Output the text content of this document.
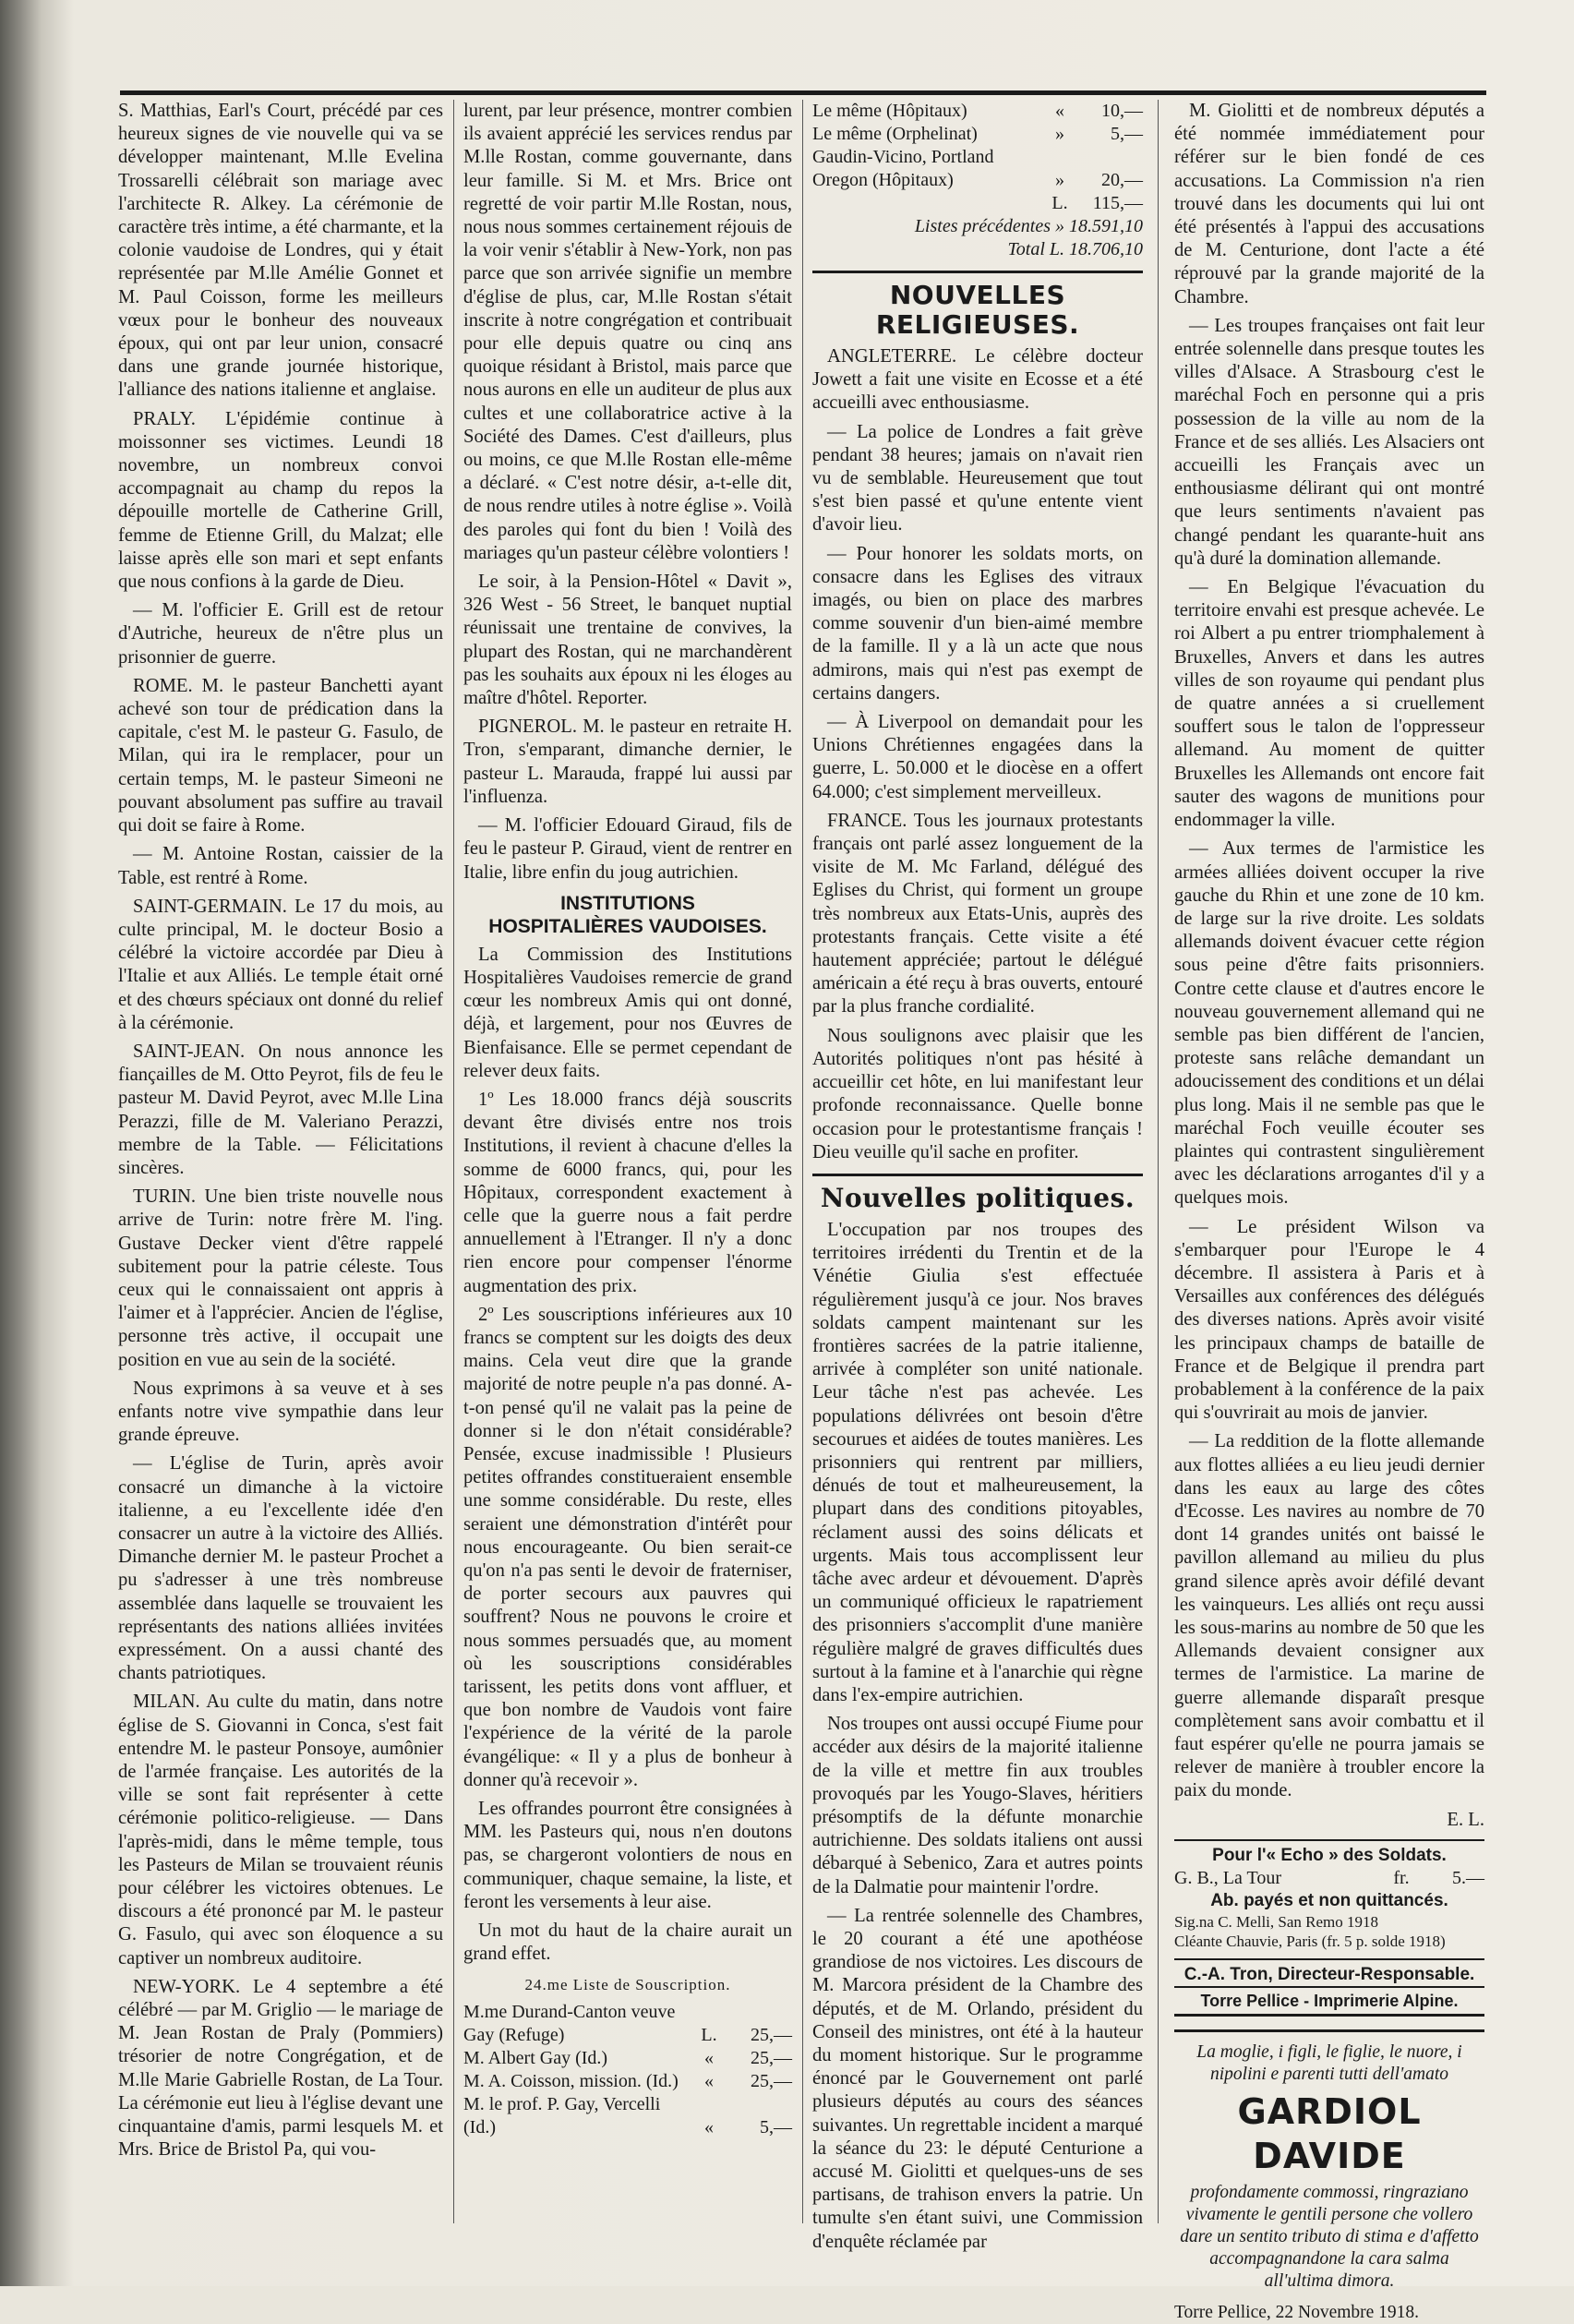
S. Matthias, Earl's Court, précédé par ces heureux signes de vie nouvelle qui va se développer maintenant, M.lle Evelina Trossarelli célébrait son mariage avec l'architecte R. Alkey. La cérémonie de caractère très intime, a été charmante, et la colonie vaudoise de Londres, qui y était représentée par M.lle Amélie Gonnet et M. Paul Coisson, forme les meilleurs vœux pour le bonheur des nouveaux époux, qui ont par leur union, consacré dans une grande journée historique, l'alliance des nations italienne et anglaise.

PRALY. L'épidémie continue à moissonner ses victimes. Leundi 18 novembre, un nombreux convoi accompagnait au champ du repos la dépouille mortelle de Catherine Grill, femme de Etienne Grill, du Malzat; elle laisse après elle son mari et sept enfants que nous confions à la garde de Dieu.

— M. l'officier E. Grill est de retour d'Autriche, heureux de n'être plus un prisonnier de guerre.

ROME. M. le pasteur Banchetti ayant achevé son tour de prédication dans la capitale, c'est M. le pasteur G. Fasulo, de Milan, qui ira le remplacer, pour un certain temps, M. le pasteur Simeoni ne pouvant absolument pas suffire au travail qui doit se faire à Rome.

— M. Antoine Rostan, caissier de la Table, est rentré à Rome.

SAINT-GERMAIN. Le 17 du mois, au culte principal, M. le docteur Bosio a célébré la victoire accordée par Dieu à l'Italie et aux Alliés. Le temple était orné et des chœurs spéciaux ont donné du relief à la cérémonie.

SAINT-JEAN. On nous annonce les fiançailles de M. Otto Peyrot, fils de feu le pasteur M. David Peyrot, avec M.lle Lina Perazzi, fille de M. Valeriano Perazzi, membre de la Table. — Félicitations sincères.

TURIN. Une bien triste nouvelle nous arrive de Turin: notre frère M. l'ing. Gustave Decker vient d'être rappelé subitement pour la patrie céleste. Tous ceux qui le connaissaient ont appris à l'aimer et à l'apprécier. Ancien de l'église, personne très active, il occupait une position en vue au sein de la société.

Nous exprimons à sa veuve et à ses enfants notre vive sympathie dans leur grande épreuve.

— L'église de Turin, après avoir consacré un dimanche à la victoire italienne, a eu l'excellente idée d'en consacrer un autre à la victoire des Alliés. Dimanche dernier M. le pasteur Prochet a pu s'adresser à une très nombreuse assemblée dans laquelle se trouvaient les représentants des nations alliées invitées expressément. On a aussi chanté des chants patriotiques.

MILAN. Au culte du matin, dans notre église de S. Giovanni in Conca, s'est fait entendre M. le pasteur Ponsoye, aumônier de l'armée française. Les autorités de la ville se sont fait représenter à cette cérémonie politico-religieuse. — Dans l'après-midi, dans le même temple, tous les Pasteurs de Milan se trouvaient réunis pour célébrer les victoires obtenues. Le discours a été prononcé par M. le pasteur G. Fasulo, qui avec son éloquence a su captiver un nombreux auditoire.

NEW-YORK. Le 4 septembre a été célébré — par M. Griglio — le mariage de M. Jean Rostan de Praly (Pommiers) trésorier de notre Congrégation, et de M.lle Marie Gabrielle Rostan, de La Tour. La cérémonie eut lieu à l'église devant une cinquantaine d'amis, parmi lesquels M. et Mrs. Brice de Bristol Pa, qui vou-

lurent, par leur présence, montrer combien ils avaient apprécié les services rendus par M.lle Rostan, comme gouvernante, dans leur famille. Si M. et Mrs. Brice ont regretté de voir partir M.lle Rostan, nous, nous nous sommes certainement réjouis de la voir venir s'établir à New-York, non pas parce que son arrivée signifie un membre d'église de plus, car, M.lle Rostan s'était inscrite à notre congrégation et contribuait pour elle depuis quatre ou cinq ans quoique résidant à Bristol, mais parce que nous aurons en elle un auditeur de plus aux cultes et une collaboratrice active à la Société des Dames. C'est d'ailleurs, plus ou moins, ce que M.lle Rostan elle-même a déclaré. « C'est notre désir, a-t-elle dit, de nous rendre utiles à notre église ». Voilà des paroles qui font du bien ! Voilà des mariages qu'un pasteur célèbre volontiers !

Le soir, à la Pension-Hôtel « Davit », 326 West - 56 Street, le banquet nuptial réunissait une trentaine de convives, la plupart des Rostan, qui ne marchandèrent pas les souhaits aux époux ni les éloges au maître d'hôtel. Reporter.

PIGNEROL. M. le pasteur en retraite H. Tron, s'emparant, dimanche dernier, le pasteur L. Marauda, frappé lui aussi par l'influenza.

— M. l'officier Edouard Giraud, fils de feu le pasteur P. Giraud, vient de rentrer en Italie, libre enfin du joug autrichien.

INSTITUTIONS
HOSPITALIÈRES VAUDOISES.

La Commission des Institutions Hospitalières Vaudoises remercie de grand cœur les nombreux Amis qui ont donné, déjà, et largement, pour nos Œuvres de Bienfaisance. Elle se permet cependant de relever deux faits.

1º Les 18.000 francs déjà souscrits devant être divisés entre nos trois Institutions, il revient à chacune d'elles la somme de 6000 francs, qui, pour les Hôpitaux, correspondent exactement à celle que la guerre nous a fait perdre annuellement à l'Etranger. Il n'y a donc rien encore pour compenser l'énorme augmentation des prix.

2º Les souscriptions inférieures aux 10 francs se comptent sur les doigts des deux mains. Cela veut dire que la grande majorité de notre peuple n'a pas donné. A-t-on pensé qu'il ne valait pas la peine de donner si le don n'était considérable? Pensée, excuse inadmissible ! Plusieurs petites offrandes constitueraient ensemble une somme considérable. Du reste, elles seraient une démonstration d'intérêt pour nous encourageante. Ou bien serait-ce qu'on n'a pas senti le devoir de fraterniser, de porter secours aux pauvres qui souffrent? Nous ne pouvons le croire et nous sommes persuadés que, au moment où les souscriptions considérables tarissent, les petits dons vont affluer, et que bon nombre de Vaudois vont faire l'expérience de la vérité de la parole évangélique: « Il y a plus de bonheur à donner qu'à recevoir ».

Les offrandes pourront être consignées à MM. les Pasteurs qui, nous n'en doutons pas, se chargeront volontiers de nous en communiquer, chaque semaine, la liste, et feront les versements à leur aise.

Un mot du haut de la chaire aurait un grand effet.

24.me Liste de Souscription.
M.me Durand-Canton veuve
Gay (Refuge)	L.	25,—
M. Albert Gay (Id.)	«	25,—
M. A. Coisson, mission. (Id.)	«	25,—
M. le prof. P. Gay, Vercelli
(Id.)	«	5,—
Le même (Hôpitaux)	«	10,—
Le même (Orphelinat)	»	5,—
Gaudin-Vicino, Portland
Oregon (Hôpitaux)	»	20,—
L.	115,—
Listes précédentes » 18.591,10
Total L. 18.706,10
NOUVELLES RELIGIEUSES.

ANGLETERRE. Le célèbre docteur Jowett a fait une visite en Ecosse et a été accueilli avec enthousiasme.

— La police de Londres a fait grève pendant 38 heures; jamais on n'avait rien vu de semblable. Heureusement que tout s'est bien passé et qu'une entente vient d'avoir lieu.

— Pour honorer les soldats morts, on consacre dans les Eglises des vitraux imagés, ou bien on place des marbres comme souvenir d'un bien-aimé membre de la famille. Il y a là un acte que nous admirons, mais qui n'est pas exempt de certains dangers.

— À Liverpool on demandait pour les Unions Chrétiennes engagées dans la guerre, L. 50.000 et le diocèse en a offert 64.000; c'est simplement merveilleux.

FRANCE. Tous les journaux protestants français ont parlé assez longuement de la visite de M. Mc Farland, délégué des Eglises du Christ, qui forment un groupe très nombreux aux Etats-Unis, auprès des protestants français. Cette visite a été hautement appréciée; partout le délégué américain a été reçu à bras ouverts, entouré par la plus franche cordialité.

Nous soulignons avec plaisir que les Autorités politiques n'ont pas hésité à accueillir cet hôte, en lui manifestant leur profonde reconnaissance. Quelle bonne occasion pour le protestantisme français ! Dieu veuille qu'il sache en profiter.

Nouvelles politiques.

L'occupation par nos troupes des territoires irrédenti du Trentin et de la Vénétie Giulia s'est effectuée régulièrement jusqu'à ce jour. Nos braves soldats campent maintenant sur les frontières sacrées de la patrie italienne, arrivée à compléter son unité nationale. Leur tâche n'est pas achevée. Les populations délivrées ont besoin d'être secourues et aidées de toutes manières. Les prisonniers qui rentrent par milliers, dénués de tout et malheureusement, la plupart dans des conditions pitoyables, réclament aussi des soins délicats et urgents. Mais tous accomplissent leur tâche avec ardeur et dévouement. D'après un communiqué officieux le rapatriement des prisonniers s'accomplit d'une manière régulière malgré de graves difficultés dues surtout à la famine et à l'anarchie qui règne dans l'ex-empire autrichien.

Nos troupes ont aussi occupé Fiume pour accéder aux désirs de la majorité italienne de la ville et mettre fin aux troubles provoqués par les Yougo-Slaves, héritiers présomptifs de la défunte monarchie autrichienne. Des soldats italiens ont aussi débarqué à Sebenico, Zara et autres points de la Dalmatie pour maintenir l'ordre.

— La rentrée solennelle des Chambres, le 20 courant a été une apothéose grandiose de nos victoires. Les discours de M. Marcora président de la Chambre des députés, et de M. Orlando, président du Conseil des ministres, ont été à la hauteur du moment historique. Sur le programme énoncé par le Gouvernement ont parlé plusieurs députés au cours des séances suivantes. Un regrettable incident a marqué la séance du 23: le député Centurione a accusé M. Giolitti et quelques-uns de ses partisans, de trahison envers la patrie. Un tumulte s'en étant suivi, une Commission d'enquête réclamée par

M. Giolitti et de nombreux députés a été nommée immédiatement pour référer sur le bien fondé de ces accusations. La Commission n'a rien trouvé dans les documents qui lui ont été présentés à l'appui des accusations de M. Centurione, dont l'acte a été réprouvé par la grande majorité de la Chambre.

— Les troupes françaises ont fait leur entrée solennelle dans presque toutes les villes d'Alsace. A Strasbourg c'est le maréchal Foch en personne qui a pris possession de la ville au nom de la France et de ses alliés. Les Alsaciers ont accueilli les Français avec un enthousiasme délirant qui ont montré que leurs sentiments n'avaient pas changé pendant les quarante-huit ans qu'à duré la domination allemande.

— En Belgique l'évacuation du territoire envahi est presque achevée. Le roi Albert a pu entrer triomphalement à Bruxelles, Anvers et dans les autres villes de son royaume qui pendant plus de quatre années a si cruellement souffert sous le talon de l'oppresseur allemand. Au moment de quitter Bruxelles les Allemands ont encore fait sauter des wagons de munitions pour endommager la ville.

— Aux termes de l'armistice les armées alliées doivent occuper la rive gauche du Rhin et une zone de 10 km. de large sur la rive droite. Les soldats allemands doivent évacuer cette région sous peine d'être faits prisonniers. Contre cette clause et d'autres encore le nouveau gouvernement allemand qui ne semble pas bien différent de l'ancien, proteste sans relâche demandant un adoucissement des conditions et un délai plus long. Mais il ne semble pas que le maréchal Foch veuille écouter ses plaintes qui contrastent singulièrement avec les déclarations arrogantes d'il y a quelques mois.

— Le président Wilson va s'embarquer pour l'Europe le 4 décembre. Il assistera à Paris et à Versailles aux conférences des délégués des diverses nations. Après avoir visité les principaux champs de bataille de France et de Belgique il prendra part probablement à la conférence de la paix qui s'ouvrirait au mois de janvier.

— La reddition de la flotte allemande aux flottes alliées a eu lieu jeudi dernier dans les eaux au large des côtes d'Ecosse. Les navires au nombre de 70 dont 14 grandes unités ont baissé le pavillon allemand au milieu du plus grand silence après avoir défilé devant les vainqueurs. Les alliés ont reçu aussi les sous-marins au nombre de 50 que les Allemands devaient consigner aux termes de l'armistice. La marine de guerre allemande disparaît presque complètement sans avoir combattu et il faut espérer qu'elle ne pourra jamais se relever de manière à troubler encore la paix du monde.

E. L.
Pour l'« Echo » des Soldats.
G. B., La Tour	fr.	5.—
Ab. payés et non quittancés.
Sig.na C. Melli, San Remo 1918
Cléante Chauvie, Paris (fr. 5 p. solde 1918)
C.-A. Tron, Directeur-Responsable.
Torre Pellice - Imprimerie Alpine.
La moglie, i figli, le figlie, le nuore, i nipolini e parenti tutti dell'amato
GARDIOL DAVIDE
profondamente commossi, ringraziano vivamente le gentili persone che vollero dare un sentito tributo di stima e d'affetto accompagnandone la cara salma all'ultima dimora.
Torre Pellice, 22 Novembre 1918.
